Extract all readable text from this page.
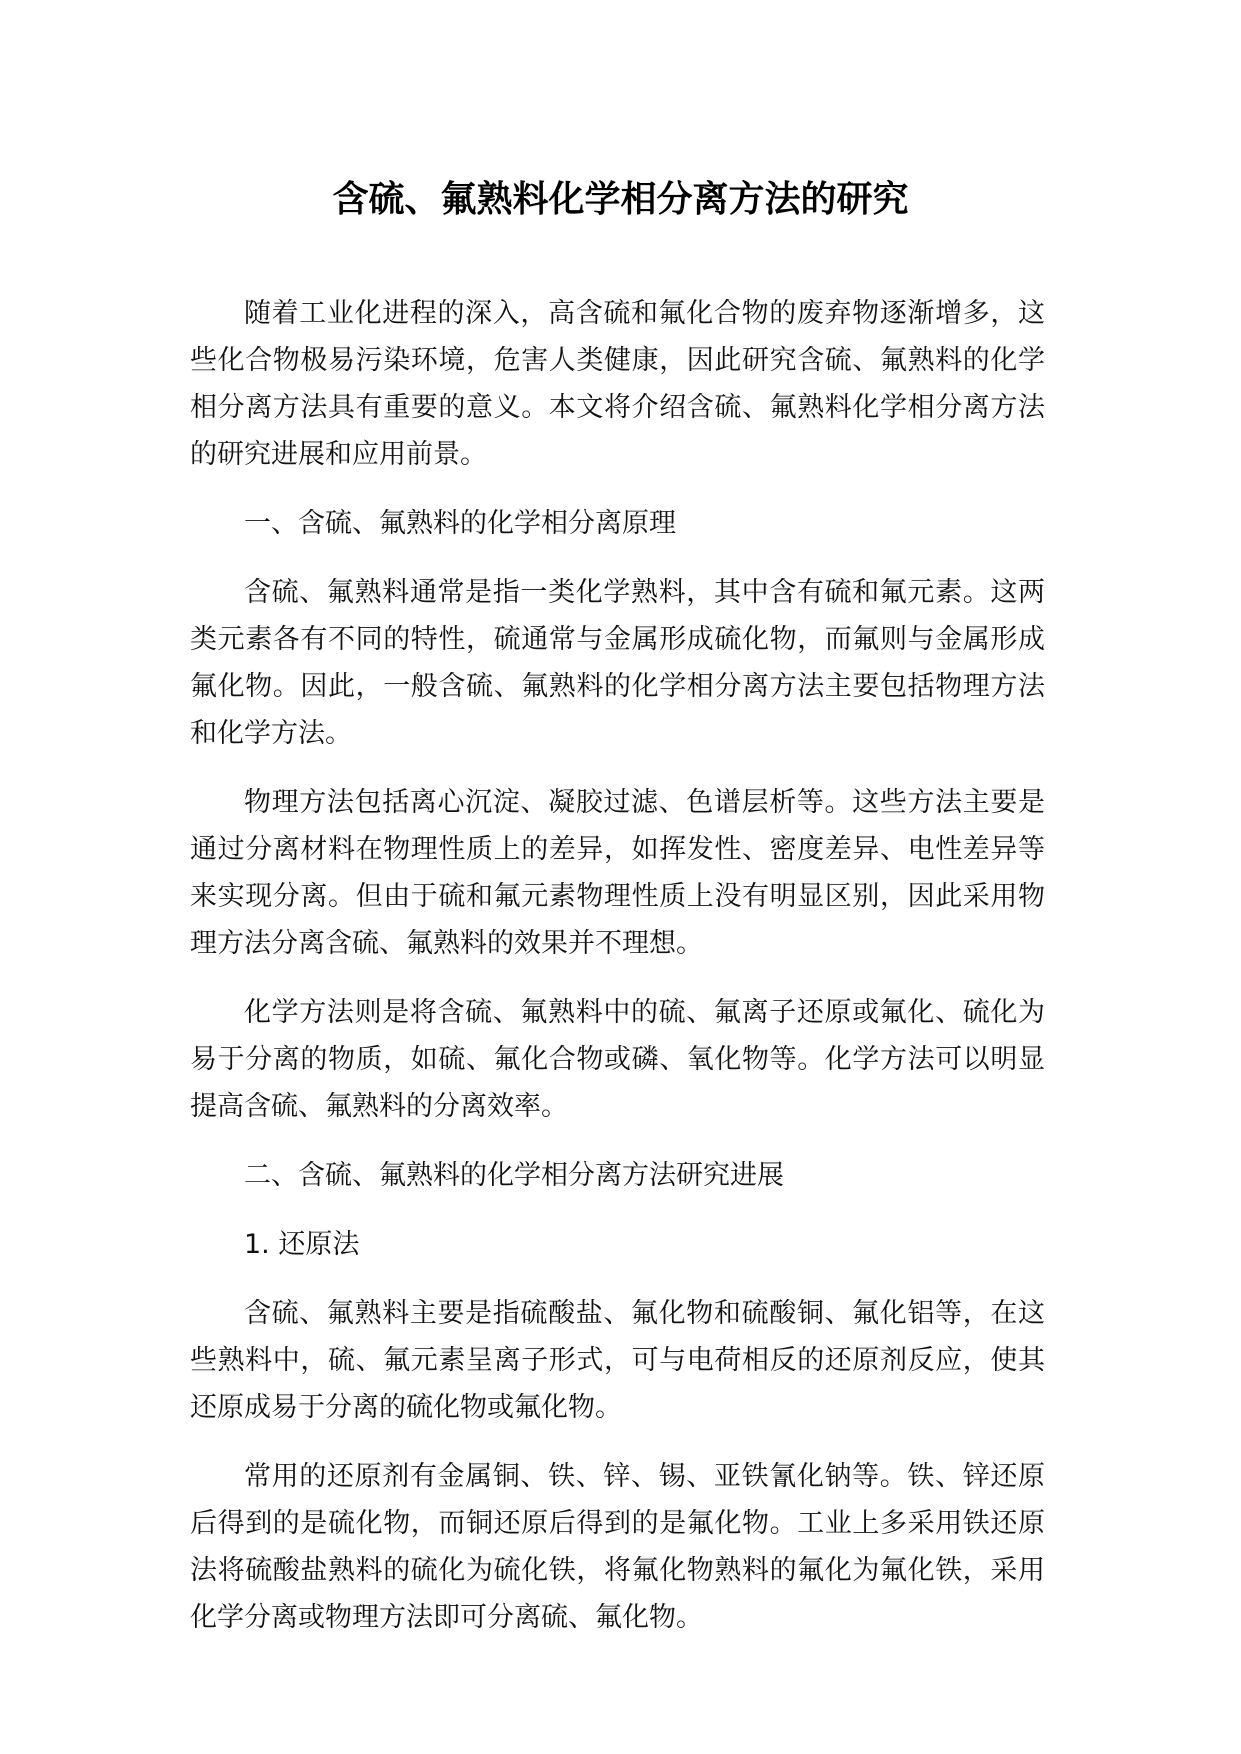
含硫、氟熟料化学相分离方法的研究

随着工业化进程的深入，高含硫和氟化合物的废弃物逐渐增多，这些化合物极易污染环境，危害人类健康，因此研究含硫、氟熟料的化学相分离方法具有重要的意义。本文将介绍含硫、氟熟料化学相分离方法的研究进展和应用前景。

一、含硫、氟熟料的化学相分离原理

含硫、氟熟料通常是指一类化学熟料，其中含有硫和氟元素。这两类元素各有不同的特性，硫通常与金属形成硫化物，而氟则与金属形成氟化物。因此，一般含硫、氟熟料的化学相分离方法主要包括物理方法和化学方法。

物理方法包括离心沉淀、凝胶过滤、色谱层析等。这些方法主要是通过分离材料在物理性质上的差异，如挥发性、密度差异、电性差异等来实现分离。但由于硫和氟元素物理性质上没有明显区别，因此采用物理方法分离含硫、氟熟料的效果并不理想。

化学方法则是将含硫、氟熟料中的硫、氟离子还原或氟化、硫化为易于分离的物质，如硫、氟化合物或磷、氧化物等。化学方法可以明显提高含硫、氟熟料的分离效率。

二、含硫、氟熟料的化学相分离方法研究进展

1. 还原法

含硫、氟熟料主要是指硫酸盐、氟化物和硫酸铜、氟化铝等，在这些熟料中，硫、氟元素呈离子形式，可与电荷相反的还原剂反应，使其还原成易于分离的硫化物或氟化物。

常用的还原剂有金属铜、铁、锌、锡、亚铁氰化钠等。铁、锌还原后得到的是硫化物，而铜还原后得到的是氟化物。工业上多采用铁还原法将硫酸盐熟料的硫化为硫化铁，将氟化物熟料的氟化为氟化铁，采用化学分离或物理方法即可分离硫、氟化物。
